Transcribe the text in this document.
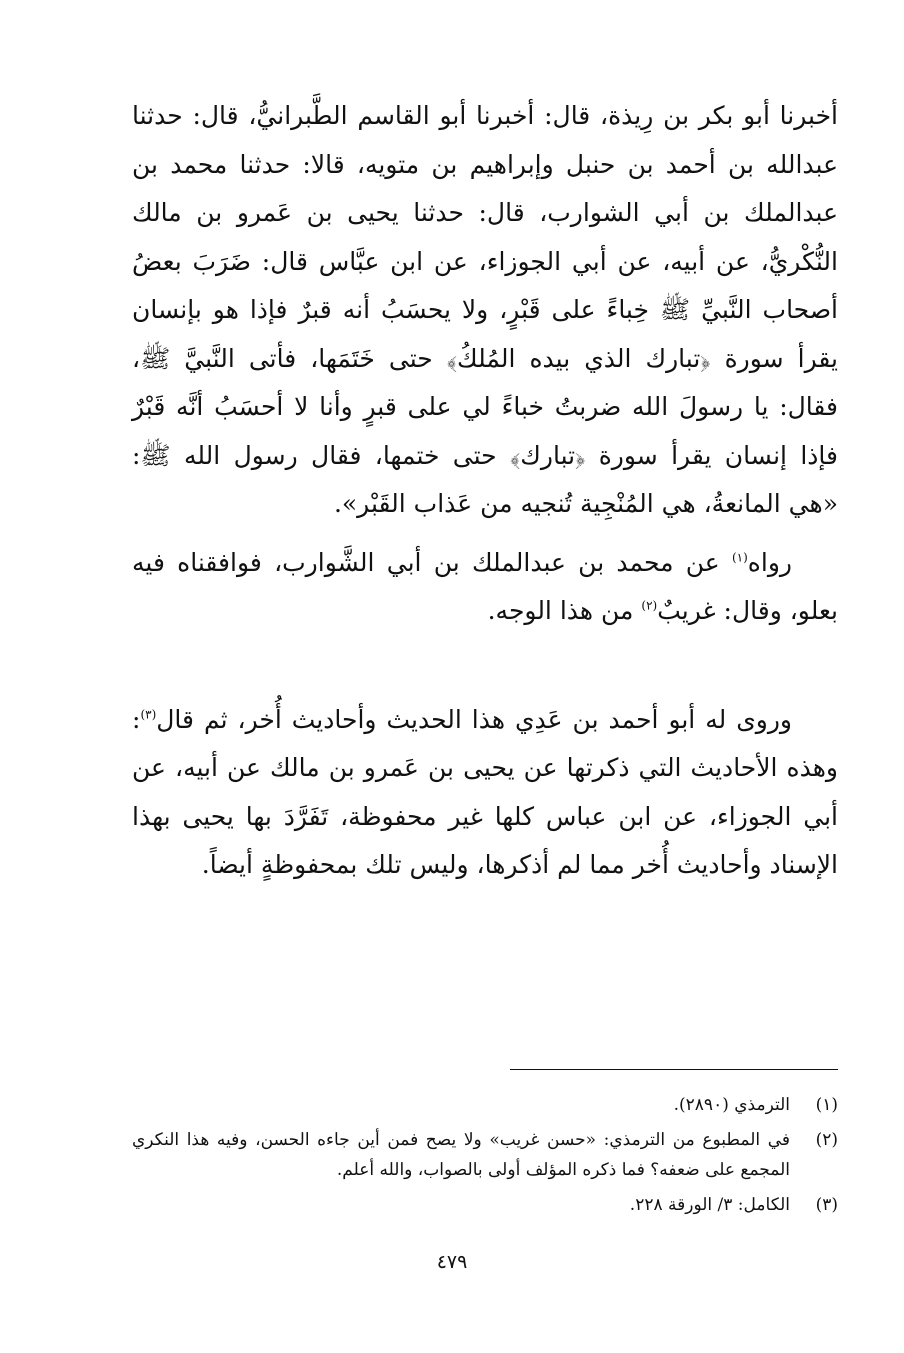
أخبرنا أبو بكر بن رِيذة، قال: أخبرنا أبو القاسم الطَّبرانيُّ، قال: حدثنا عبدالله بن أحمد بن حنبل وإبراهيم بن متويه، قالا: حدثنا محمد بن عبدالملك بن أبي الشوارب، قال: حدثنا يحيى بن عَمرو بن مالك النُّكْريُّ، عن أبيه، عن أبي الجوزاء، عن ابن عبَّاس قال: ضَرَبَ بعضُ أصحاب النَّبيِّ ﷺ خِباءً على قَبْرٍ، ولا يحسَبُ أنه قبرٌ فإذا هو بإنسان يقرأ سورة ﴿تبارك الذي بيده المُلكُ﴾ حتى خَتَمَها، فأتى النَّبيَّ ﷺ، فقال: يا رسولَ الله ضربتُ خباءً لي على قبرٍ وأنا لا أحسَبُ أنَّه قَبْرٌ فإذا إنسان يقرأ سورة ﴿تبارك﴾ حتى ختمها، فقال رسول الله ﷺ: «هي المانعةُ، هي المُنْجِية تُنجيه من عَذاب القَبْر».

رواه$^{(١)}$ عن محمد بن عبدالملك بن أبي الشَّوارب، فوافقناه فيه بعلو، وقال: غريبٌ$^{(٢)}$ من هذا الوجه.

وروى له أبو أحمد بن عَدِي هذا الحديث وأحاديث أُخر، ثم قال$^{(٣)}$: وهذه الأحاديث التي ذكرتها عن يحيى بن عَمرو بن مالك عن أبيه، عن أبي الجوزاء، عن ابن عباس كلها غير محفوظة، تَفَرَّدَ بها يحيى بهذا الإسناد وأحاديث أُخر مما لم أذكرها، وليس تلك بمحفوظةٍ أيضاً.

(١)
الترمذي (٢٨٩٠).
(٢)
في المطبوع من الترمذي: «حسن غريب» ولا يصح فمن أين جاءه الحسن، وفيه هذا النكري المجمع على ضعفه؟ فما ذكره المؤلف أولى بالصواب، والله أعلم.
(٣)
الكامل: ٣/ الورقة ٢٢٨.
٤٧٩
